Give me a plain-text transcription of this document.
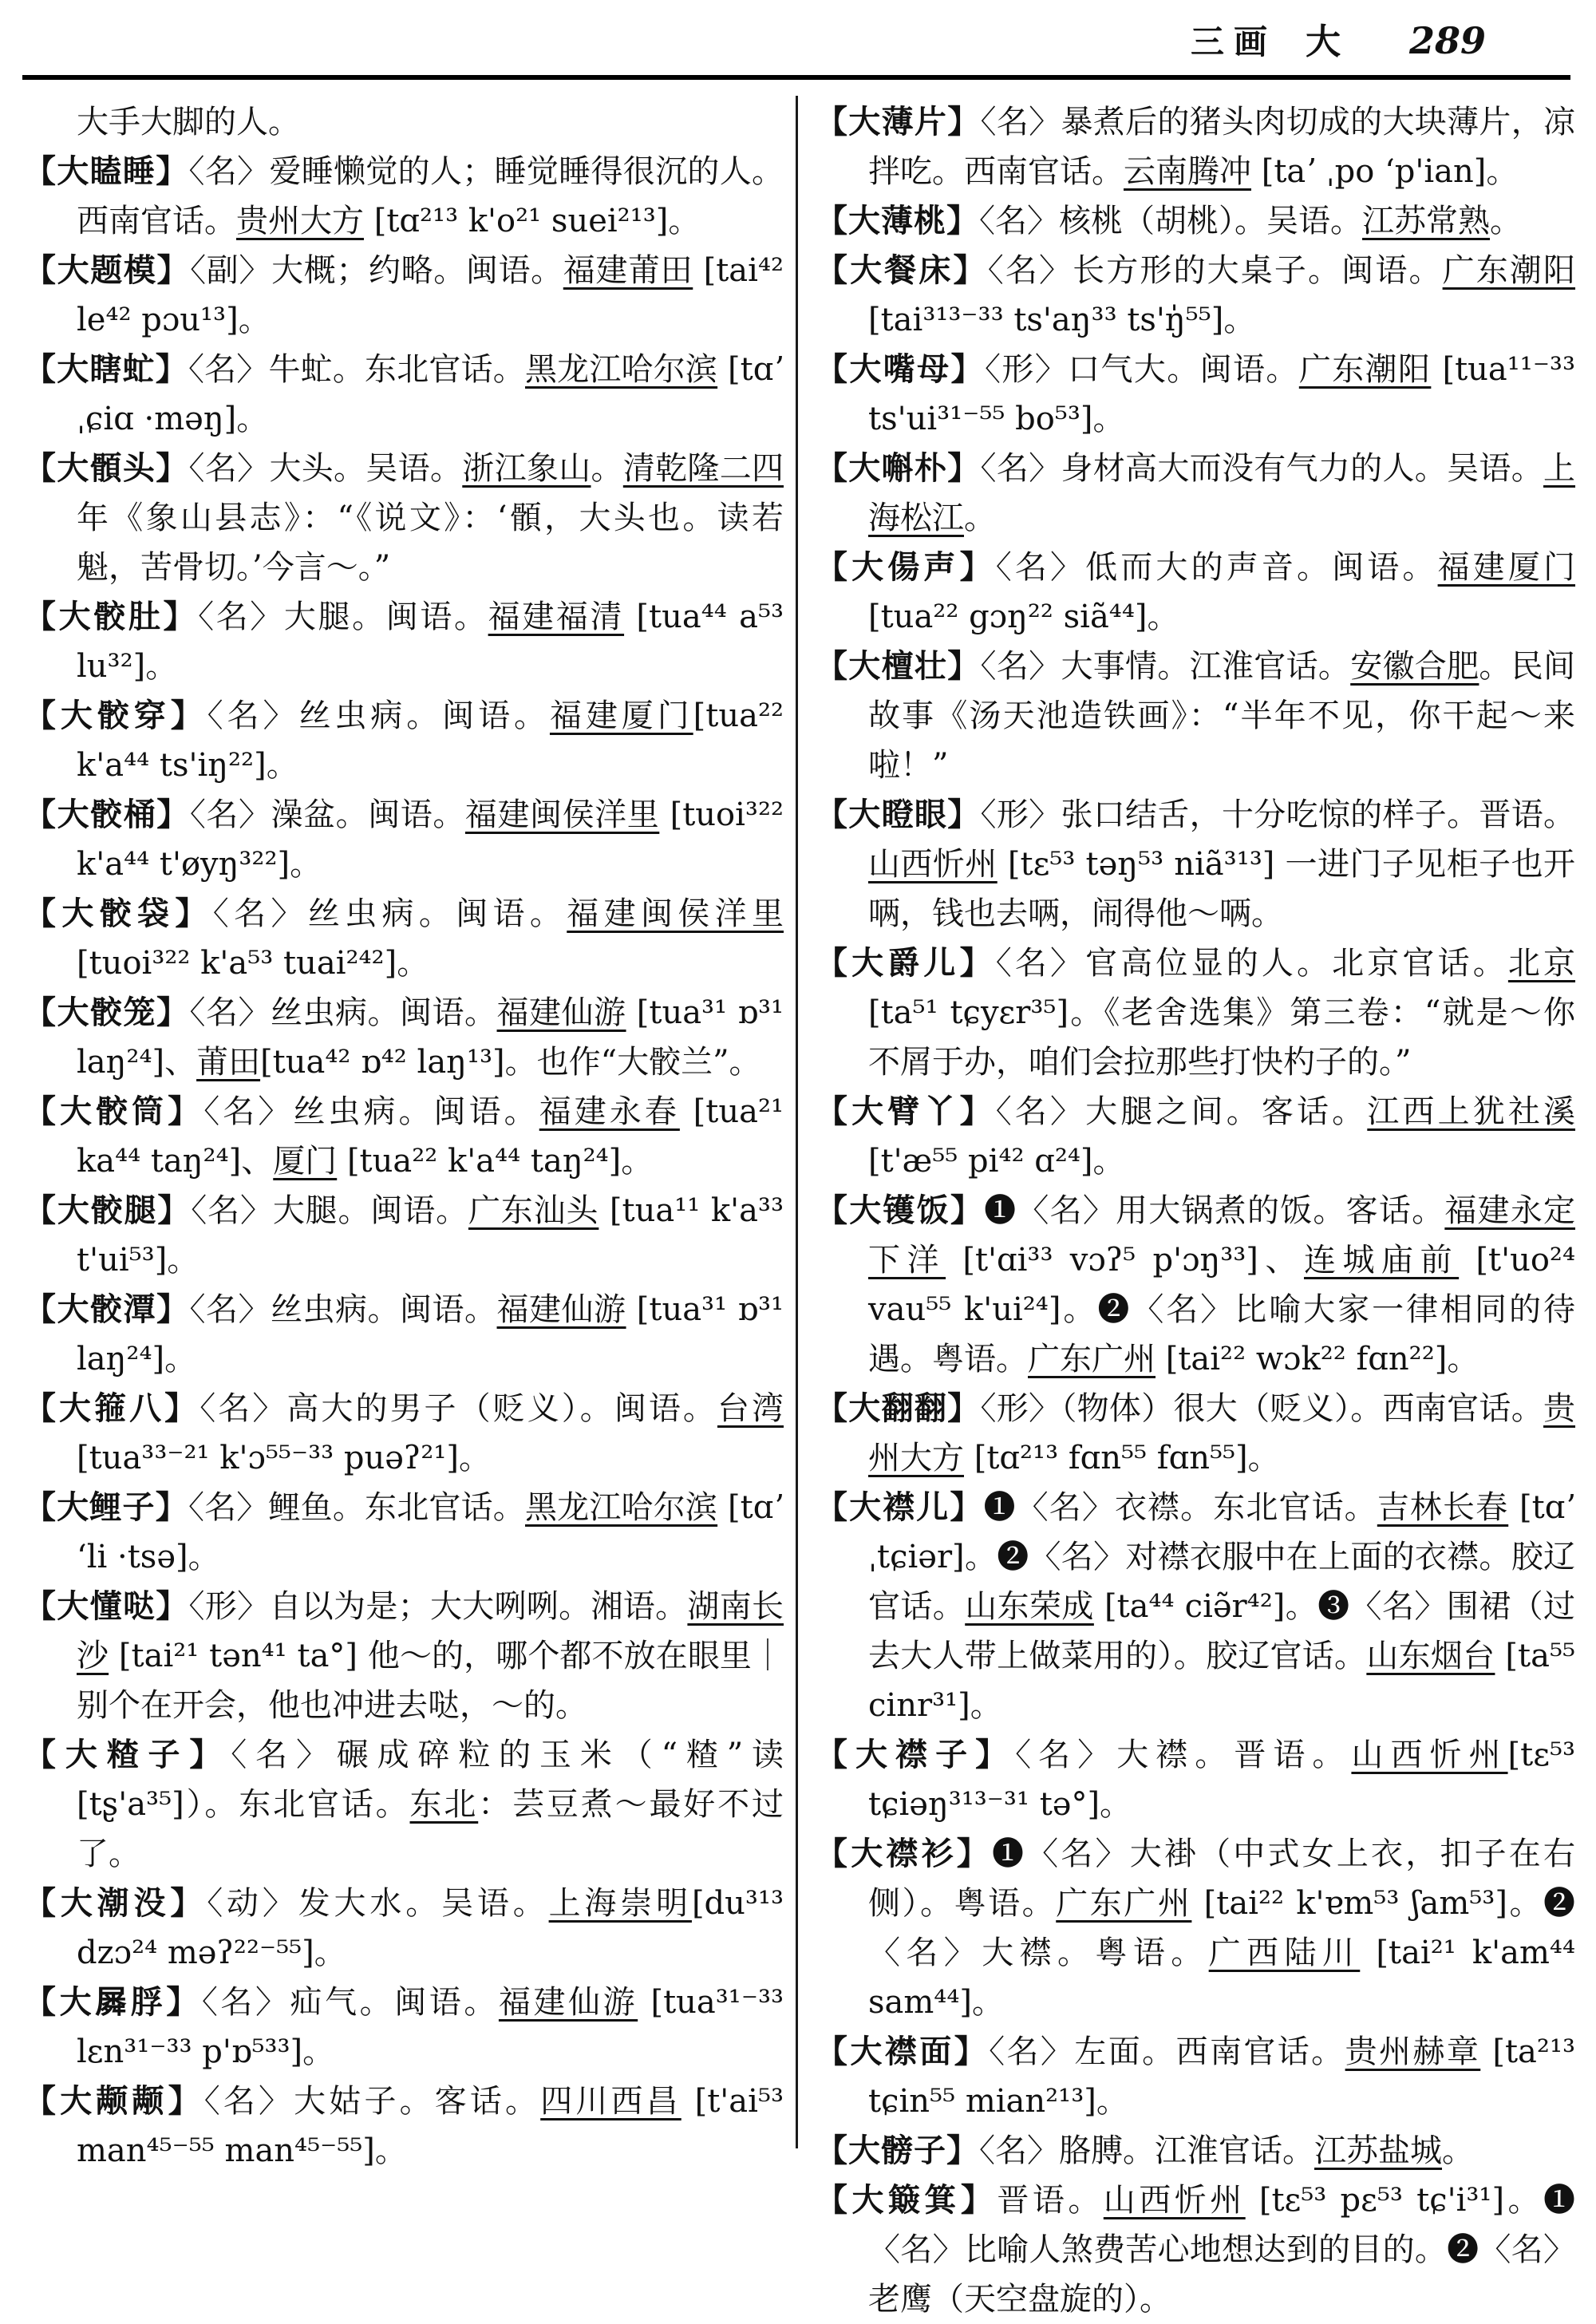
三画 大 289

大手大脚的人。

【大瞌睡】〈名〉爱睡懒觉的人；睡觉睡得很沉的人。西南官话。贵州大方 [tɑ²¹³ k'o²¹ suei²¹³]。

【大题模】〈副〉大概；约略。闽语。福建莆田 [tai⁴² le⁴² pɔu¹³]。

【大瞎虻】〈名〉牛虻。东北官话。黑龙江哈尔滨 [tɑʼ ˌɕiɑ ·məŋ]。

【大顝头】〈名〉大头。吴语。浙江象山。清乾隆二四年《象山县志》：“《说文》：‘顝，大头也。读若魁，苦骨切。’今言～。”

【大骹肚】〈名〉大腿。闽语。福建福清 [tua⁴⁴ a⁵³ lu³²]。

【大骹穿】〈名〉丝虫病。闽语。福建厦门[tua²² k'a⁴⁴ ts'iŋ²²]。

【大骹桶】〈名〉澡盆。闽语。福建闽侯洋里 [tuoi³²² k'a⁴⁴ t'øyŋ³²²]。

【大骹袋】〈名〉丝虫病。闽语。福建闽侯洋里 [tuoi³²² k'a⁵³ tuai²⁴²]。

【大骹笼】〈名〉丝虫病。闽语。福建仙游 [tua³¹ ɒ³¹ laŋ²⁴]、莆田[tua⁴² ɒ⁴² laŋ¹³]。也作“大骹兰”。

【大骹筒】〈名〉丝虫病。闽语。福建永春 [tua²¹ ka⁴⁴ taŋ²⁴]、厦门 [tua²² k'a⁴⁴ taŋ²⁴]。

【大骹腿】〈名〉大腿。闽语。广东汕头 [tua¹¹ k'a³³ t'ui⁵³]。

【大骹潭】〈名〉丝虫病。闽语。福建仙游 [tua³¹ ɒ³¹ laŋ²⁴]。

【大箍八】〈名〉高大的男子（贬义）。闽语。台湾 [tua³³⁻²¹ k'ɔ⁵⁵⁻³³ puəʔ²¹]。

【大鲤子】〈名〉鲤鱼。东北官话。黑龙江哈尔滨 [tɑʼ ʻli ·tsə]。

【大懂哒】〈形〉自以为是；大大咧咧。湘语。湖南长沙 [tai²¹ tən⁴¹ ta°] 他～的，哪个都不放在眼里｜别个在开会，他也冲进去哒，～的。

【大𥻗子】〈名〉碾成碎粒的玉米（“𥻗”读 [tʂ'a³⁵]）。东北官话。东北：芸豆煮～最好不过了。

【大潮没】〈动〉发大水。吴语。上海崇明[du³¹³ dzɔ²⁴ məʔ²²⁻⁵⁵]。

【大𡳞脬】〈名〉疝气。闽语。福建仙游 [tua³¹⁻³³ lɛn³¹⁻³³ p'ɒ⁵³³]。

【大颟颟】〈名〉大姑子。客话。四川西昌 [t'ai⁵³ man⁴⁵⁻⁵⁵ man⁴⁵⁻⁵⁵]。

【大薄片】〈名〉暴煮后的猪头肉切成的大块薄片，凉拌吃。西南官话。云南腾冲 [taʼ ˌpo ʻp'ian]。

【大薄桃】〈名〉核桃（胡桃）。吴语。江苏常熟。

【大餐床】〈名〉长方形的大桌子。闽语。广东潮阳 [tai³¹³⁻³³ ts'aŋ³³ ts'ŋ̍⁵⁵]。

【大嘴母】〈形〉口气大。闽语。广东潮阳 [tua¹¹⁻³³ ts'ui³¹⁻⁵⁵ bo⁵³]。

【大嘝朴】〈名〉身材高大而没有气力的人。吴语。上海松江。

【大偒声】〈名〉低而大的声音。闽语。福建厦门 [tua²² gɔŋ²² siã⁴⁴]。

【大檀壮】〈名〉大事情。江淮官话。安徽合肥。民间故事《汤天池造铁画》：“半年不见，你干起～来啦！”

【大瞪眼】〈形〉张口结舌，十分吃惊的样子。晋语。山西忻州 [tɛ⁵³ təŋ⁵³ niã³¹³] 一进门子见柜子也开唡，钱也去唡，闹得他～唡。

【大爵儿】〈名〉官高位显的人。北京官话。北京 [ta⁵¹ tɕyɛr³⁵]。《老舍选集》第三卷：“就是～你不屑于办，咱们会拉那些打快杓子的。”

【大臂丫】〈名〉大腿之间。客话。江西上犹社溪 [t'æ⁵⁵ pi⁴² ɑ²⁴]。

【大镬饭】❶〈名〉用大锅煮的饭。客话。福建永定下洋 [t'ɑi³³ vɔʔ⁵ p'ɔŋ³³]、连城庙前 [t'uo²⁴ vau⁵⁵ k'ui²⁴]。❷〈名〉比喻大家一律相同的待遇。粤语。广东广州 [tai²² wɔk²² fɑn²²]。

【大翻翻】〈形〉（物体）很大（贬义）。西南官话。贵州大方 [tɑ²¹³ fɑn⁵⁵ fɑn⁵⁵]。

【大襟儿】❶〈名〉衣襟。东北官话。吉林长春 [tɑʼ ˌtɕiər]。❷〈名〉对襟衣服中在上面的衣襟。胶辽官话。山东荣成 [ta⁴⁴ ciə̃r⁴²]。❸〈名〉围裙（过去大人带上做菜用的）。胶辽官话。山东烟台 [ta⁵⁵ cinr³¹]。

【大襟子】〈名〉大襟。晋语。山西忻州[tɛ⁵³ tɕiəŋ³¹³⁻³¹ tə°]。

【大襟衫】❶〈名〉大褂（中式女上衣，扣子在右侧）。粤语。广东广州 [tai²² k'ɐm⁵³ ʃam⁵³]。❷〈名〉大襟。粤语。广西陆川 [tai²¹ k'am⁴⁴ sam⁴⁴]。

【大襟面】〈名〉左面。西南官话。贵州赫章 [ta²¹³ tɕin⁵⁵ mian²¹³]。

【大髈子】〈名〉胳膊。江淮官话。江苏盐城。

【大簸箕】晋语。山西忻州 [tɛ⁵³ pɛ⁵³ tɕ'i³¹]。❶〈名〉比喻人煞费苦心地想达到的目的。❷〈名〉老鹰（天空盘旋的）。
